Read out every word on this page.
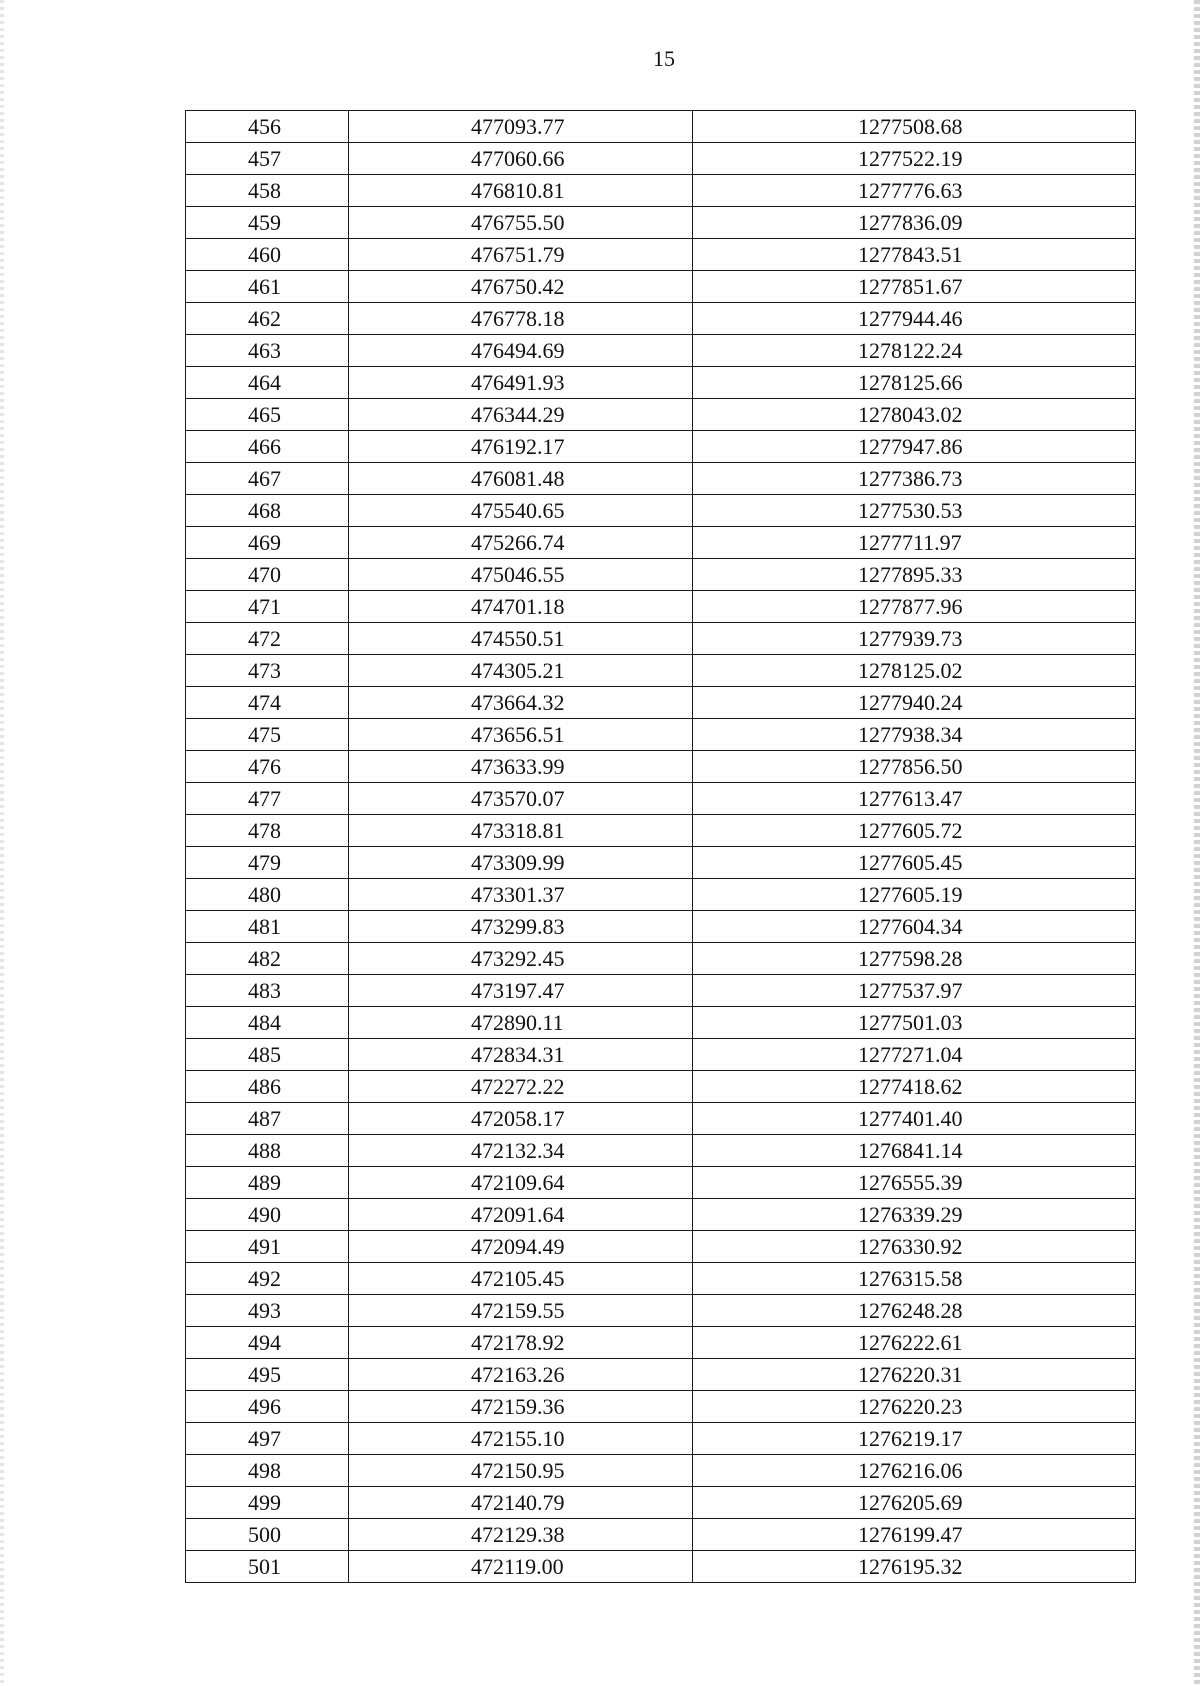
15
456	477093.77	1277508.68
457	477060.66	1277522.19
458	476810.81	1277776.63
459	476755.50	1277836.09
460	476751.79	1277843.51
461	476750.42	1277851.67
462	476778.18	1277944.46
463	476494.69	1278122.24
464	476491.93	1278125.66
465	476344.29	1278043.02
466	476192.17	1277947.86
467	476081.48	1277386.73
468	475540.65	1277530.53
469	475266.74	1277711.97
470	475046.55	1277895.33
471	474701.18	1277877.96
472	474550.51	1277939.73
473	474305.21	1278125.02
474	473664.32	1277940.24
475	473656.51	1277938.34
476	473633.99	1277856.50
477	473570.07	1277613.47
478	473318.81	1277605.72
479	473309.99	1277605.45
480	473301.37	1277605.19
481	473299.83	1277604.34
482	473292.45	1277598.28
483	473197.47	1277537.97
484	472890.11	1277501.03
485	472834.31	1277271.04
486	472272.22	1277418.62
487	472058.17	1277401.40
488	472132.34	1276841.14
489	472109.64	1276555.39
490	472091.64	1276339.29
491	472094.49	1276330.92
492	472105.45	1276315.58
493	472159.55	1276248.28
494	472178.92	1276222.61
495	472163.26	1276220.31
496	472159.36	1276220.23
497	472155.10	1276219.17
498	472150.95	1276216.06
499	472140.79	1276205.69
500	472129.38	1276199.47
501	472119.00	1276195.32
